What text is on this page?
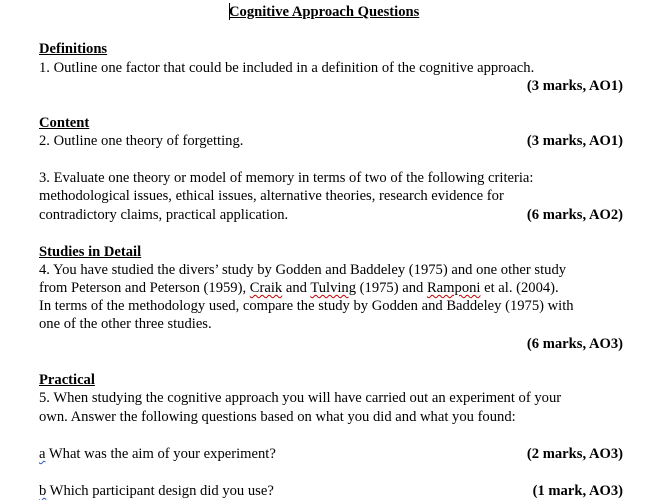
Cognitive Approach Questions
Definitions
1. Outline one factor that could be included in a definition of the cognitive approach.
(3 marks, AO1)
Content
2. Outline one theory of forgetting.	(3 marks, AO1)
3. Evaluate one theory or model of memory in terms of two of the following criteria:
methodological issues, ethical issues, alternative theories, research evidence for
contradictory claims, practical application.	(6 marks, AO2)
Studies in Detail
4. You have studied the divers’ study by Godden and Baddeley (1975) and one other study
from Peterson and Peterson (1959), Craik and Tulving (1975) and Ramponi et al. (2004).
In terms of the methodology used, compare the study by Godden and Baddeley (1975) with
one of the other three studies.
(6 marks, AO3)
Practical
5. When studying the cognitive approach you will have carried out an experiment of your
own. Answer the following questions based on what you did and what you found:
a What was the aim of your experiment?	(2 marks, AO3)
b Which participant design did you use?	(1 mark, AO3)
